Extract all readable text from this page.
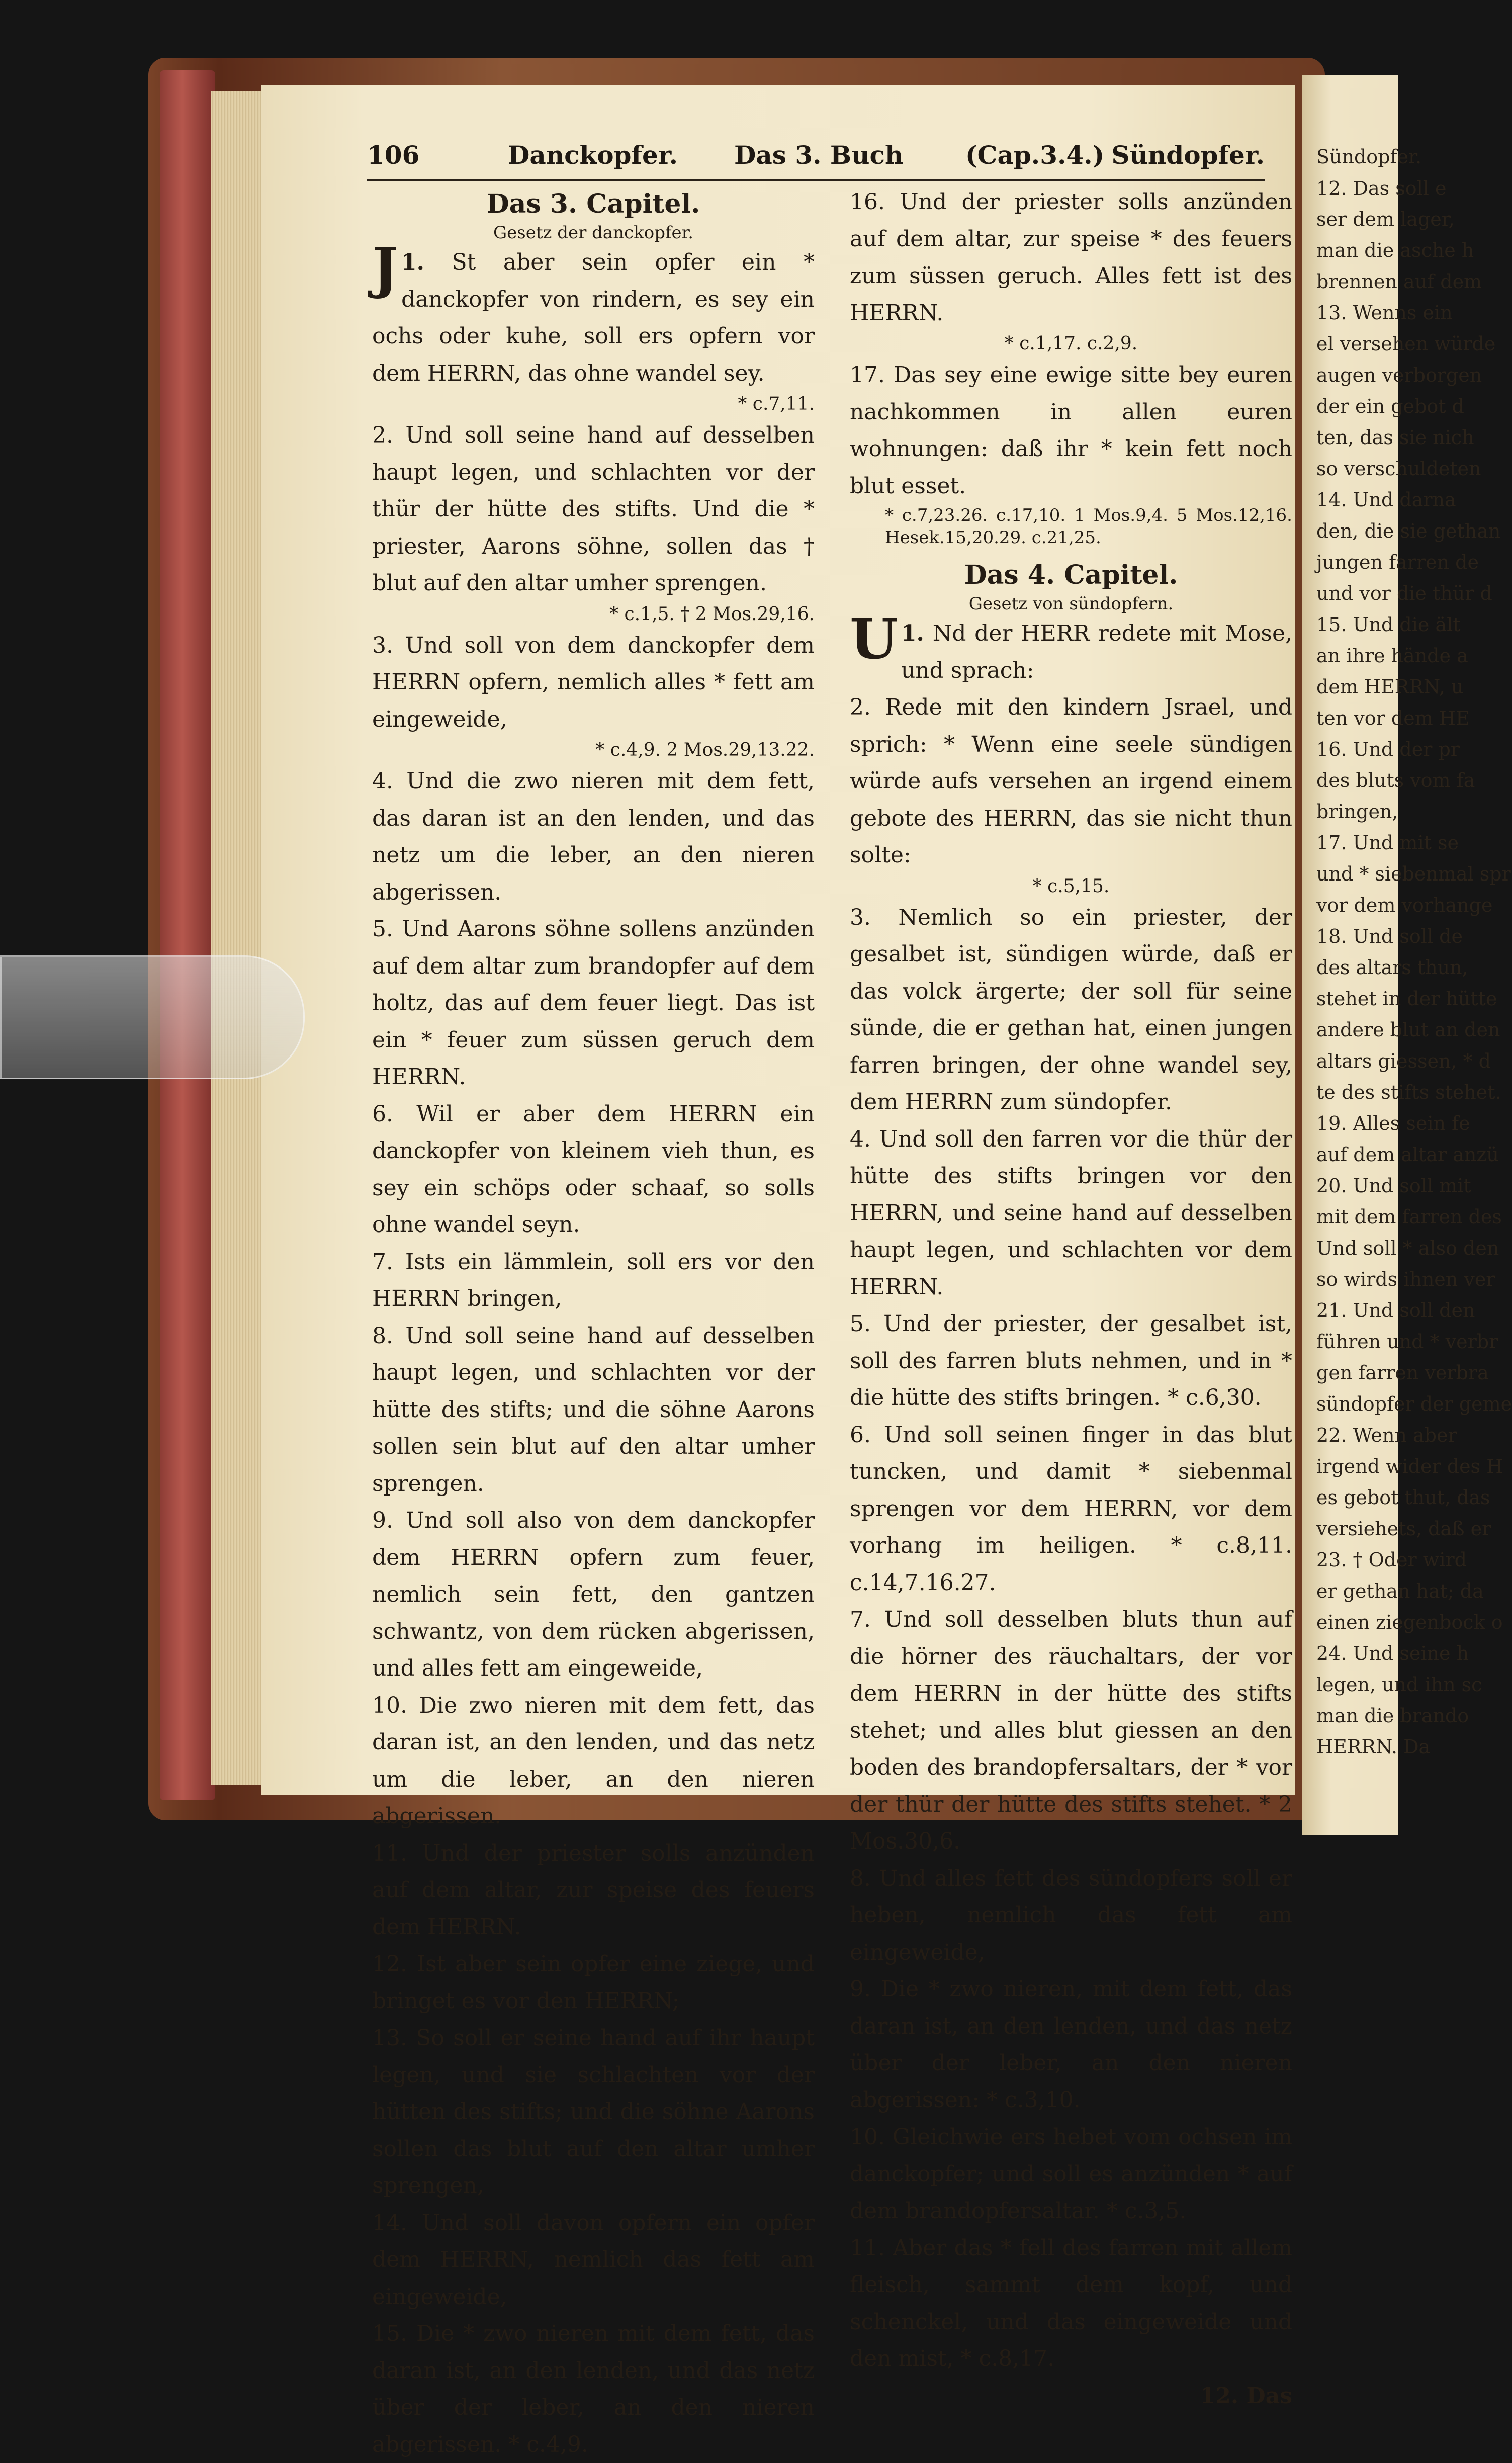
Sündopfer.
12. Das soll e
ser dem lager,
man die asche h
brennen auf dem
13. Wenns ein
el versehen würde
augen verborgen
der ein gebot d
ten, das sie nich
so verschuldeten
14. Und darna
den, die sie gethan
jungen farren de
und vor die thür d
15. Und die ält
an ihre hände a
dem HERRN, u
ten vor dem HE
16. Und der pr
des bluts vom fa
bringen,
17. Und mit se
und * siebenmal spr
vor dem vorhange
18. Und soll de
des altars thun,
stehet in der hütte
andere blut an den
altars giessen, * d
te des stifts stehet.
19. Alles sein fe
auf dem altar anzü
20. Und soll mit
mit dem farren des
Und soll * also den
so wirds ihnen ver
21. Und soll den
führen und * verbr
gen farren verbra
sündopfer der geme
22. Wenn aber
irgend wider des H
es gebot thut, das
versiehets, daß er
23. † Oder wird
er gethan hat; da
einen ziegenbock o
24. Und seine h
legen, und ihn sc
man die brando
HERRN. Da
106	Danckopfer. Das 3. Buch (Cap.3.4.) Sündopfer.

Das 3. Capitel.

Gesetz der danckopfer.

1.
J St aber sein opfer ein * danckopfer von rindern, es sey ein ochs oder kuhe, soll ers opfern vor dem HERRN, das ohne wandel sey.

* c.7,11.

2. Und soll seine hand auf desselben haupt legen, und schlachten vor der thür der hütte des stifts. Und die * priester, Aarons söhne, sollen das † blut auf den altar umher sprengen.

* c.1,5. † 2 Mos.29,16.

3. Und soll von dem danckopfer dem HERRN opfern, nemlich alles * fett am eingeweide,

* c.4,9. 2 Mos.29,13.22.

4. Und die zwo nieren mit dem fett, das daran ist an den lenden, und das netz um die leber, an den nieren abgerissen.

5. Und Aarons söhne sollens anzünden auf dem altar zum brandopfer auf dem holtz, das auf dem feuer liegt. Das ist ein * feuer zum süssen geruch dem HERRN.

6. Wil er aber dem HERRN ein danckopfer von kleinem vieh thun, es sey ein schöps oder schaaf, so solls ohne wandel seyn.

7. Ists ein lämmlein, soll ers vor den HERRN bringen,

8. Und soll seine hand auf desselben haupt legen, und schlachten vor der hütte des stifts; und die söhne Aarons sollen sein blut auf den altar umher sprengen.

9. Und soll also von dem danckopfer dem HERRN opfern zum feuer, nemlich sein fett, den gantzen schwantz, von dem rücken abgerissen, und alles fett am eingeweide,

10. Die zwo nieren mit dem fett, das daran ist, an den lenden, und das netz um die leber, an den nieren abgerissen.

11. Und der priester solls anzünden auf dem altar, zur speise des feuers dem HERRN.

12. Ist aber sein opfer eine ziege, und bringet es vor den HERRN;

13. So soll er seine hand auf ihr haupt legen, und sie schlachten vor der hütten des stifts; und die söhne Aarons sollen das blut auf den altar umher sprengen,

14. Und soll davon opfern ein opfer dem HERRN, nemlich das fett am eingeweide,

15. Die * zwo nieren mit dem fett, das daran ist, an den lenden, und das netz über der leber, an den nieren abgerissen. * c.4,9.

16. Und der priester solls anzünden auf dem altar, zur speise * des feuers zum süssen geruch. Alles fett ist des HERRN.

* c.1,17. c.2,9.

17. Das sey eine ewige sitte bey euren nachkommen in allen euren wohnungen: daß ihr * kein fett noch blut esset.

* c.7,23.26. c.17,10. 1 Mos.9,4. 5 Mos.12,16. Hesek.15,20.29. c.21,25.

Das 4. Capitel.

Gesetz von sündopfern.

1.
U Nd der HERR redete mit Mose, und sprach:

2. Rede mit den kindern Jsrael, und sprich: * Wenn eine seele sündigen würde aufs versehen an irgend einem gebote des HERRN, das sie nicht thun solte:

* c.5,15.

3. Nemlich so ein priester, der gesalbet ist, sündigen würde, daß er das volck ärgerte; der soll für seine sünde, die er gethan hat, einen jungen farren bringen, der ohne wandel sey, dem HERRN zum sündopfer.

4. Und soll den farren vor die thür der hütte des stifts bringen vor den HERRN, und seine hand auf desselben haupt legen, und schlachten vor dem HERRN.

5. Und der priester, der gesalbet ist, soll des farren bluts nehmen, und in * die hütte des stifts bringen. * c.6,30.

6. Und soll seinen finger in das blut tuncken, und damit * siebenmal sprengen vor dem HERRN, vor dem vorhang im heiligen. * c.8,11. c.14,7.16.27.

7. Und soll desselben bluts thun auf die hörner des räuchaltars, der vor dem HERRN in der hütte des stifts stehet; und alles blut giessen an den boden des brandopfersaltars, der * vor der thür der hütte des stifts stehet. * 2 Mos.30,6.

8. Und alles fett des sündopfers soll er heben, nemlich das fett am eingeweide,

9. Die * zwo nieren, mit dem fett, das daran ist, an den lenden, und das netz über der leber, an den nieren abgerissen: * c.3,10.

10. Gleichwie ers hebet vom ochsen im danckopfer; und soll es anzünden * auf dem brandopfersaltar. * c.3,5.

11. Aber das * fell des farren mit allem fleisch, sammt dem kopf, und schenckel, und das eingeweide und den mist, * c.8,17.

12. Das
